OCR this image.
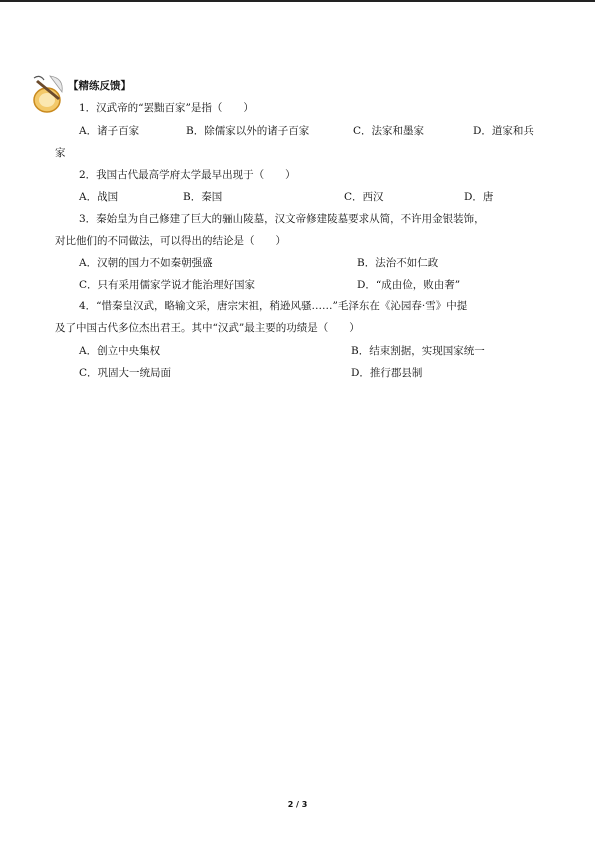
【精练反馈】
1．汉武帝的“罢黜百家”是指（　　）
A．诸子百家	B．除儒家以外的诸子百家	C．法家和墨家	D．道家和兵
家
2．我国古代最高学府太学最早出现于（　　）
A．战国	B．秦国	C．西汉	D．唐
3．秦始皇为自己修建了巨大的骊山陵墓，汉文帝修建陵墓要求从简，不许用金银装饰，
对比他们的不同做法，可以得出的结论是（　　）
A．汉朝的国力不如秦朝强盛	B．法治不如仁政
C．只有采用儒家学说才能治理好国家	D．“成由俭，败由奢”
4．“惜秦皇汉武，略输文采，唐宗宋祖，稍逊风骚……”毛泽东在《沁园春·雪》中提
及了中国古代多位杰出君王。其中“汉武”最主要的功绩是（　　）
A．创立中央集权	B．结束割据，实现国家统一
C．巩固大一统局面	D．推行郡县制
2 / 3
